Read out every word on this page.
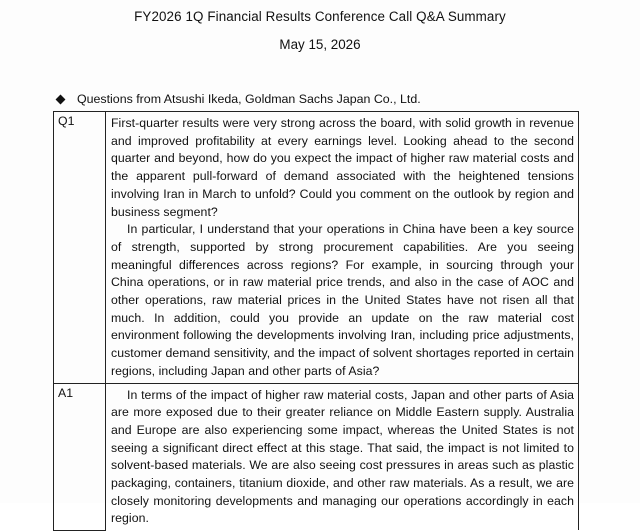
FY2026 1Q Financial Results Conference Call Q&A Summary
May 15, 2026
Questions from Atsushi Ikeda, Goldman Sachs Japan Co., Ltd.
Q1	First-quarter results were very strong across the board, with solid growth in revenue and improved profitability at every earnings level. Looking ahead to the second quarter and beyond, how do you expect the impact of higher raw material costs and the apparent pull-forward of demand associated with the heightened tensions involving Iran in March to unfold? Could you comment on the outlook by region and business segment?

In particular, I understand that your operations in China have been a key source of strength, supported by strong procurement capabilities. Are you seeing meaningful differences across regions? For example, in sourcing through your China operations, or in raw material price trends, and also in the case of AOC and other operations, raw material prices in the United States have not risen all that much. In addition, could you provide an update on the raw material cost environment following the developments involving Iran, including price adjustments, customer demand sensitivity, and the impact of solvent shortages reported in certain regions, including Japan and other parts of Asia?

A1	In terms of the impact of higher raw material costs, Japan and other parts of Asia are more exposed due to their greater reliance on Middle Eastern supply. Australia and Europe are also experiencing some impact, whereas the United States is not seeing a significant direct effect at this stage. That said, the impact is not limited to solvent-based materials. We are also seeing cost pressures in areas such as plastic packaging, containers, titanium dioxide, and other raw materials. As a result, we are closely monitoring developments and managing our operations accordingly in each region.
